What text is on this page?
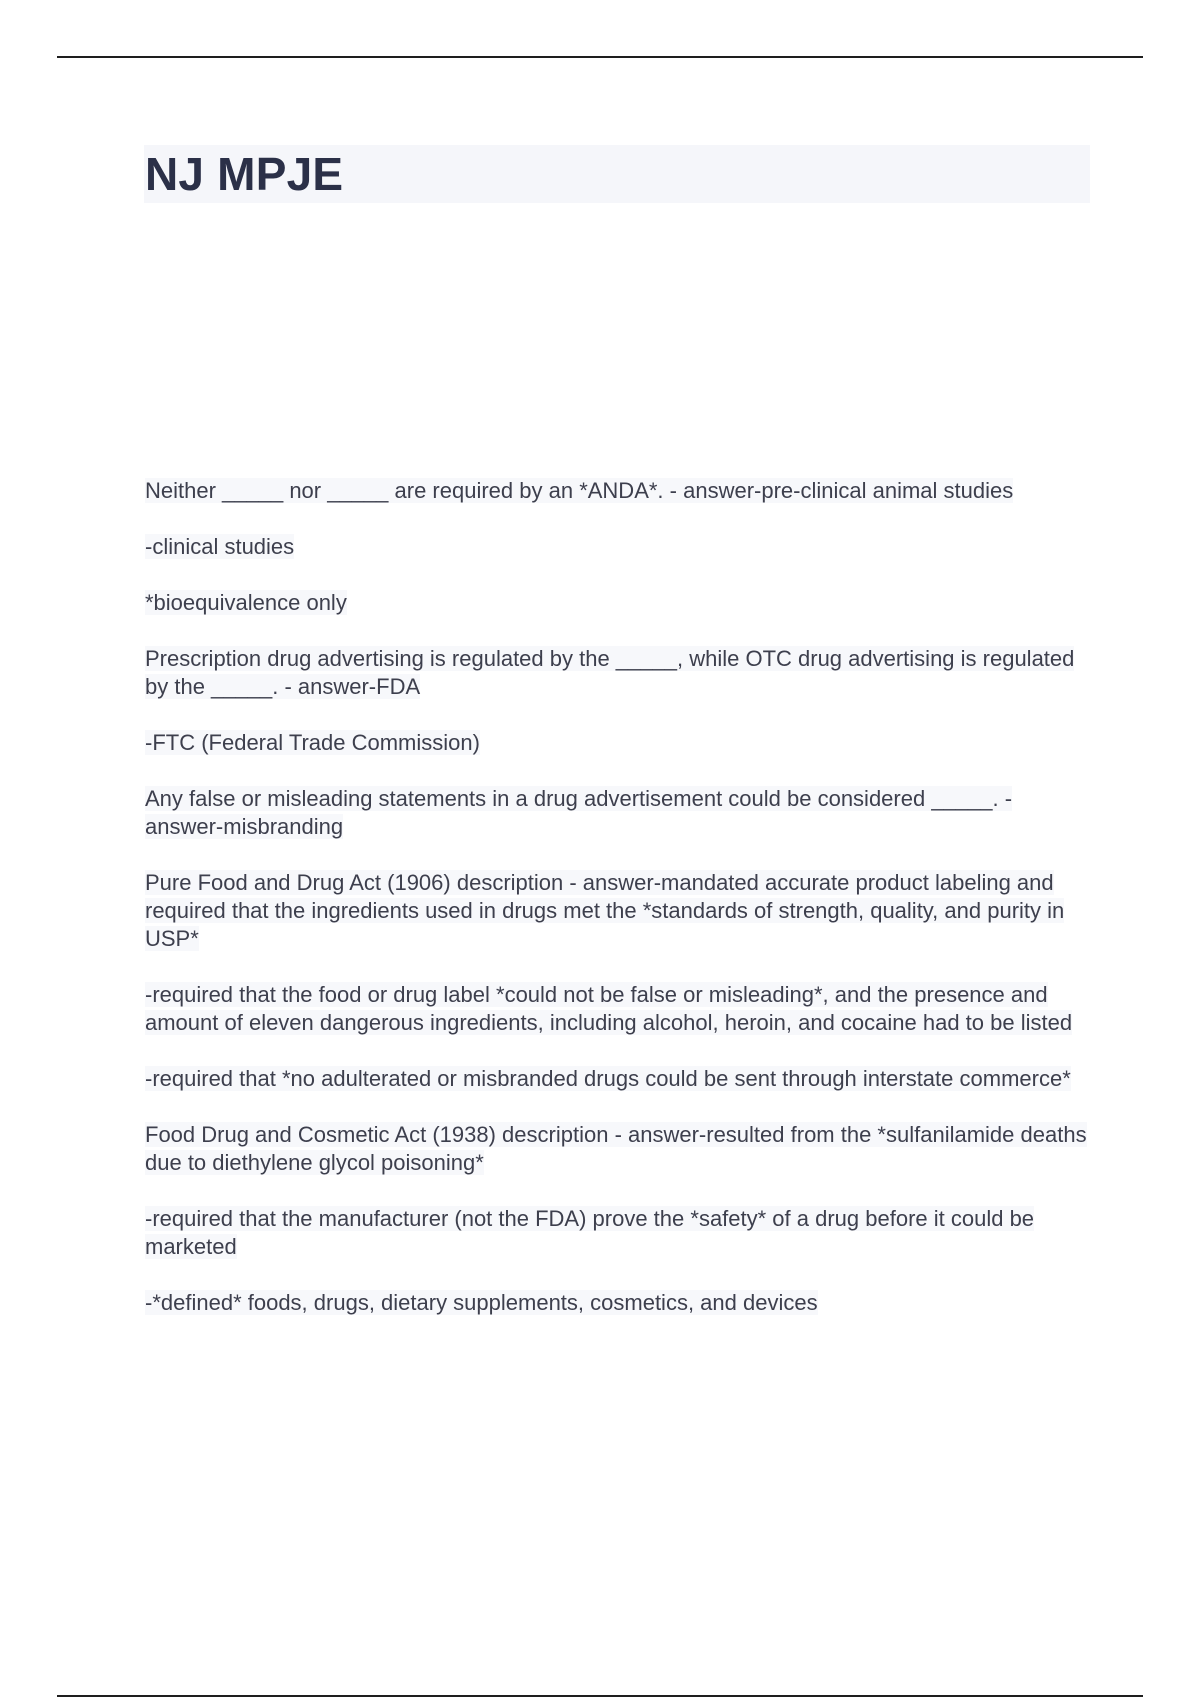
NJ MPJE

Neither _____ nor _____ are required by an *ANDA*. - answer-pre-clinical animal studies

-clinical studies

*bioequivalence only

Prescription drug advertising is regulated by the _____, while OTC drug advertising is regulated by the _____. - answer-FDA

-FTC (Federal Trade Commission)

Any false or misleading statements in a drug advertisement could be considered _____. - answer-misbranding

Pure Food and Drug Act (1906) description - answer-mandated accurate product labeling and required that the ingredients used in drugs met the *standards of strength, quality, and purity in USP*

-required that the food or drug label *could not be false or misleading*, and the presence and amount of eleven dangerous ingredients, including alcohol, heroin, and cocaine had to be listed

-required that *no adulterated or misbranded drugs could be sent through interstate commerce*

Food Drug and Cosmetic Act (1938) description - answer-resulted from the *sulfanilamide deaths due to diethylene glycol poisoning*

-required that the manufacturer (not the FDA) prove the *safety* of a drug before it could be marketed

-*defined* foods, drugs, dietary supplements, cosmetics, and devices
